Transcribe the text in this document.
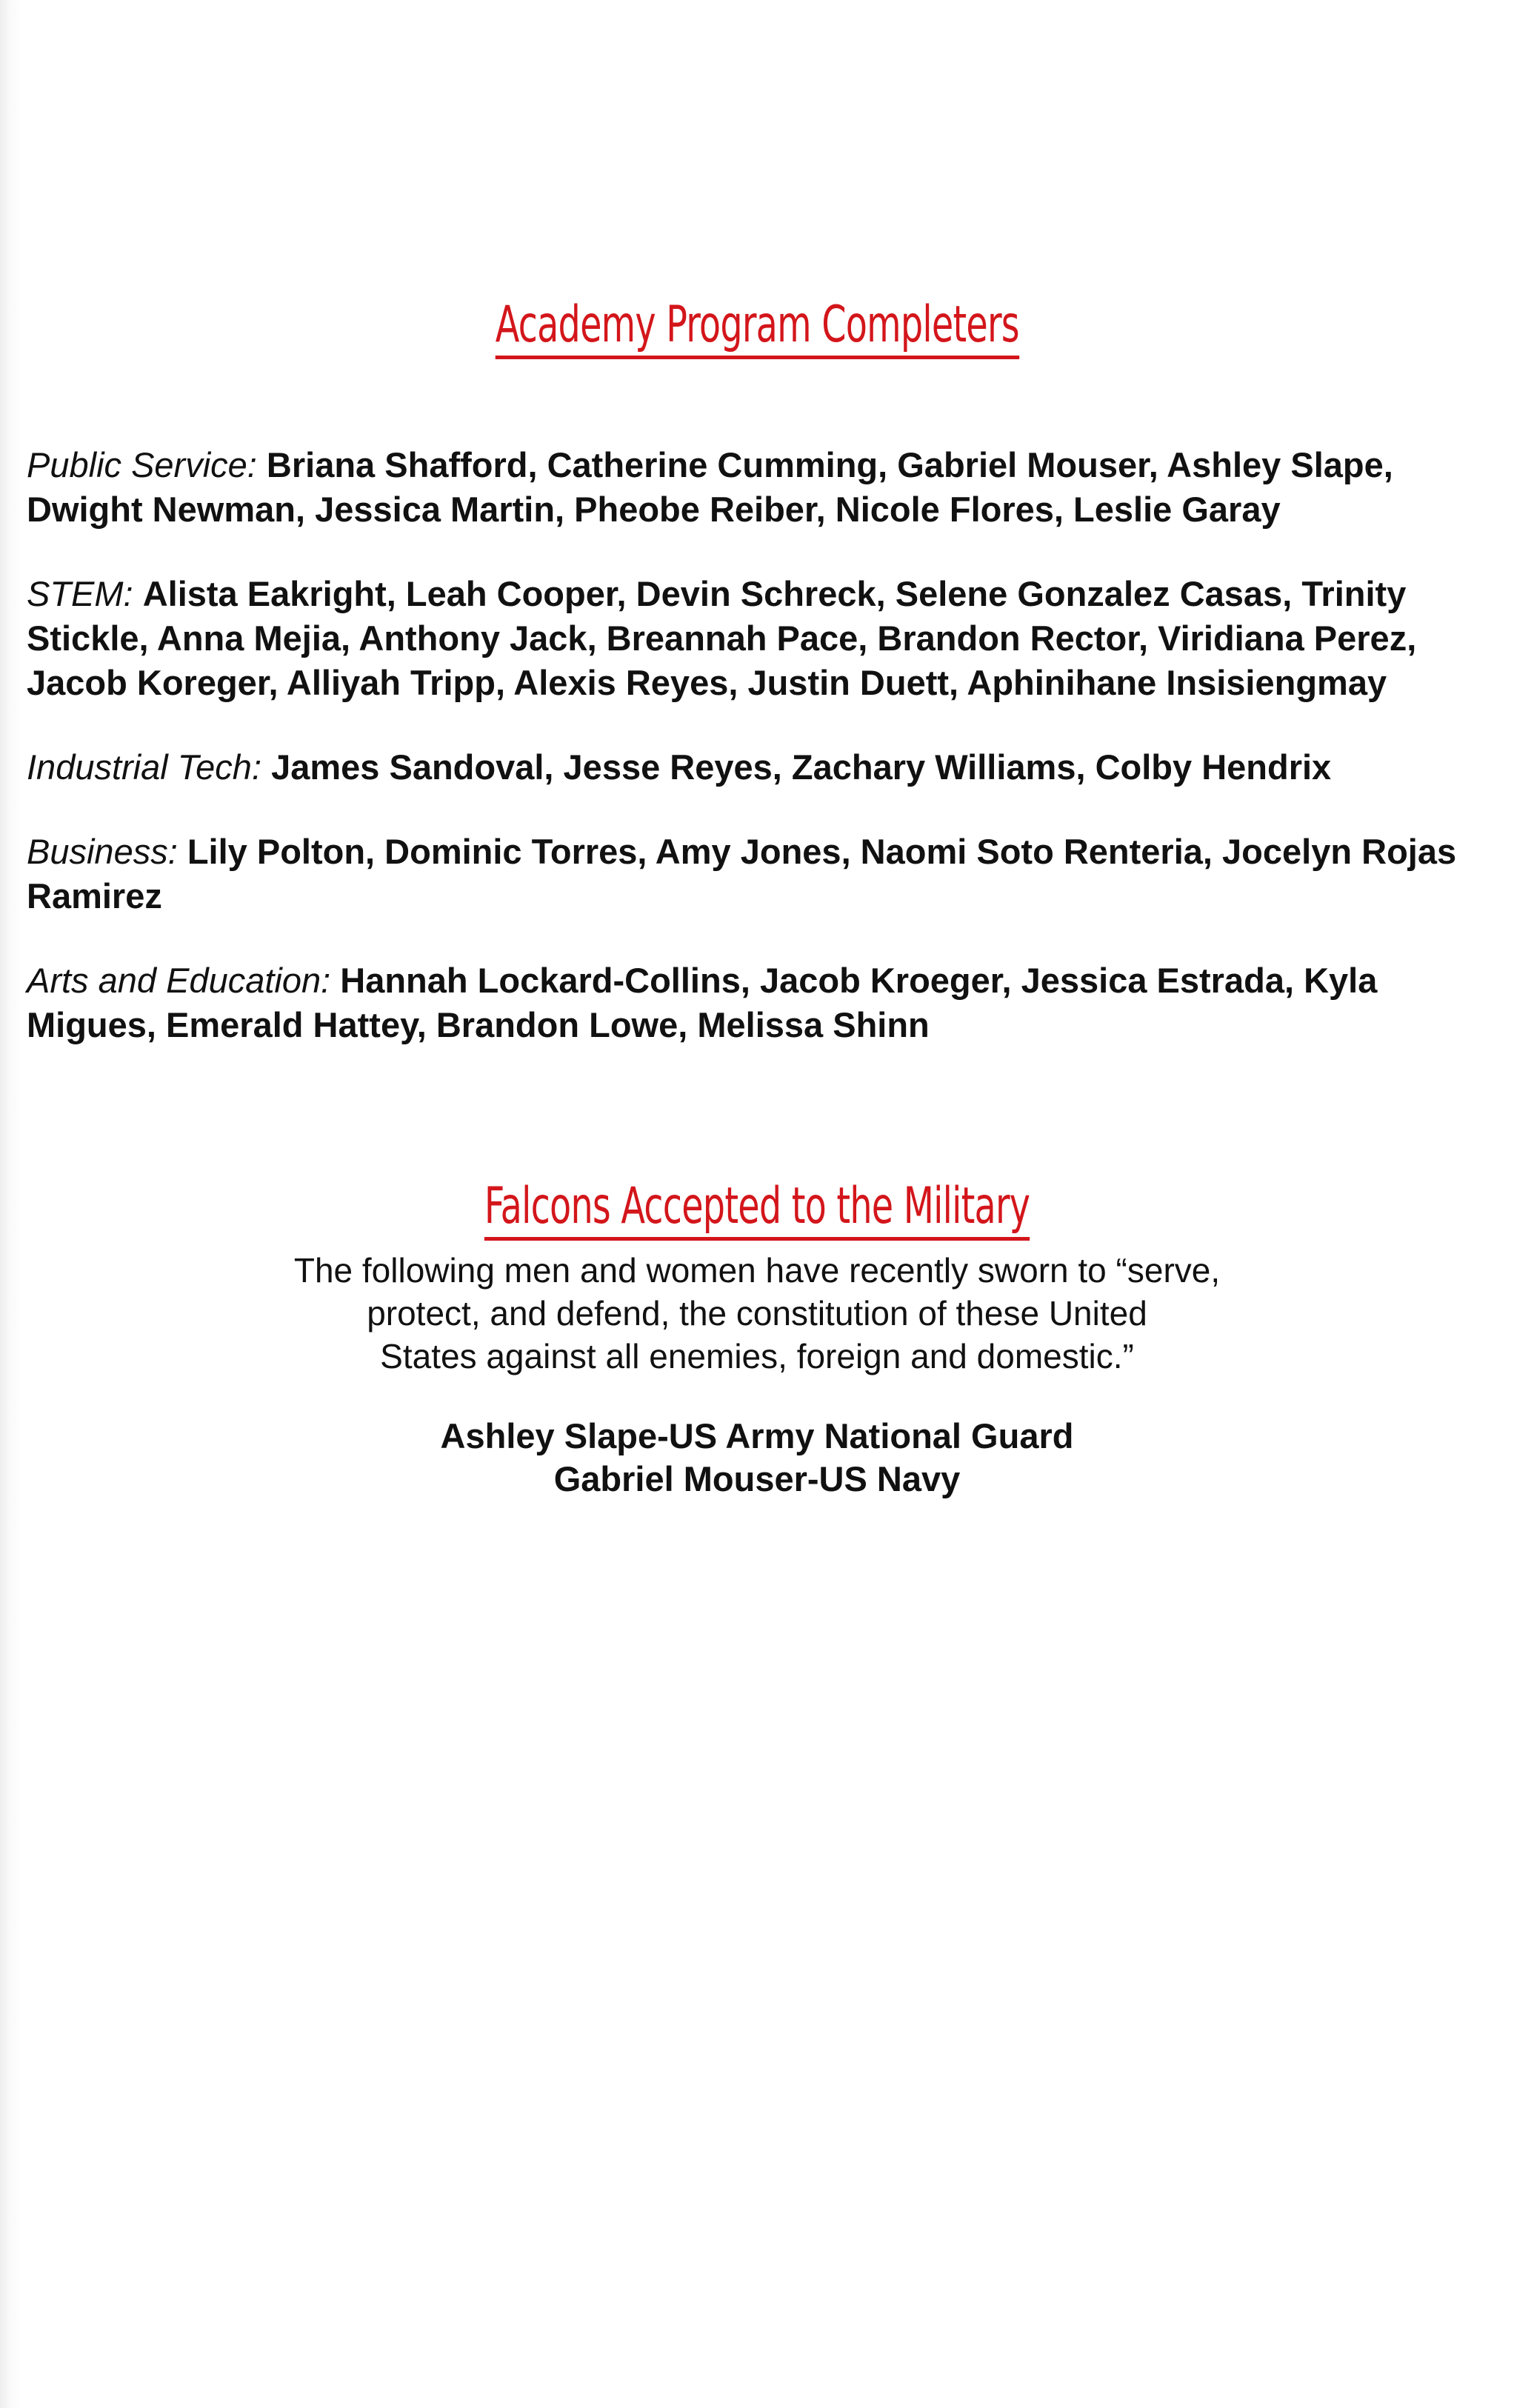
Academy Program Completers
Public Service: Briana Shafford, Catherine Cumming, Gabriel Mouser, Ashley Slape, Dwight Newman, Jessica Martin, Pheobe Reiber, Nicole Flores, Leslie Garay
STEM: Alista Eakright, Leah Cooper, Devin Schreck, Selene Gonzalez Casas, Trinity Stickle, Anna Mejia, Anthony Jack, Breannah Pace, Brandon Rector, Viridiana Perez, Jacob Koreger, Alliyah Tripp, Alexis Reyes, Justin Duett, Aphinihane Insisiengmay
Industrial Tech: James Sandoval, Jesse Reyes, Zachary Williams, Colby Hendrix
Business: Lily Polton, Dominic Torres, Amy Jones, Naomi Soto Renteria, Jocelyn Rojas Ramirez
Arts and Education: Hannah Lockard-Collins, Jacob Kroeger, Jessica Estrada, Kyla Migues, Emerald Hattey, Brandon Lowe, Melissa Shinn
Falcons Accepted to the Military

The following men and women have recently sworn to “serve,

protect, and defend, the constitution of these United

States against all enemies, foreign and domestic.”

Ashley Slape-US Army National Guard
Gabriel Mouser-US Navy
